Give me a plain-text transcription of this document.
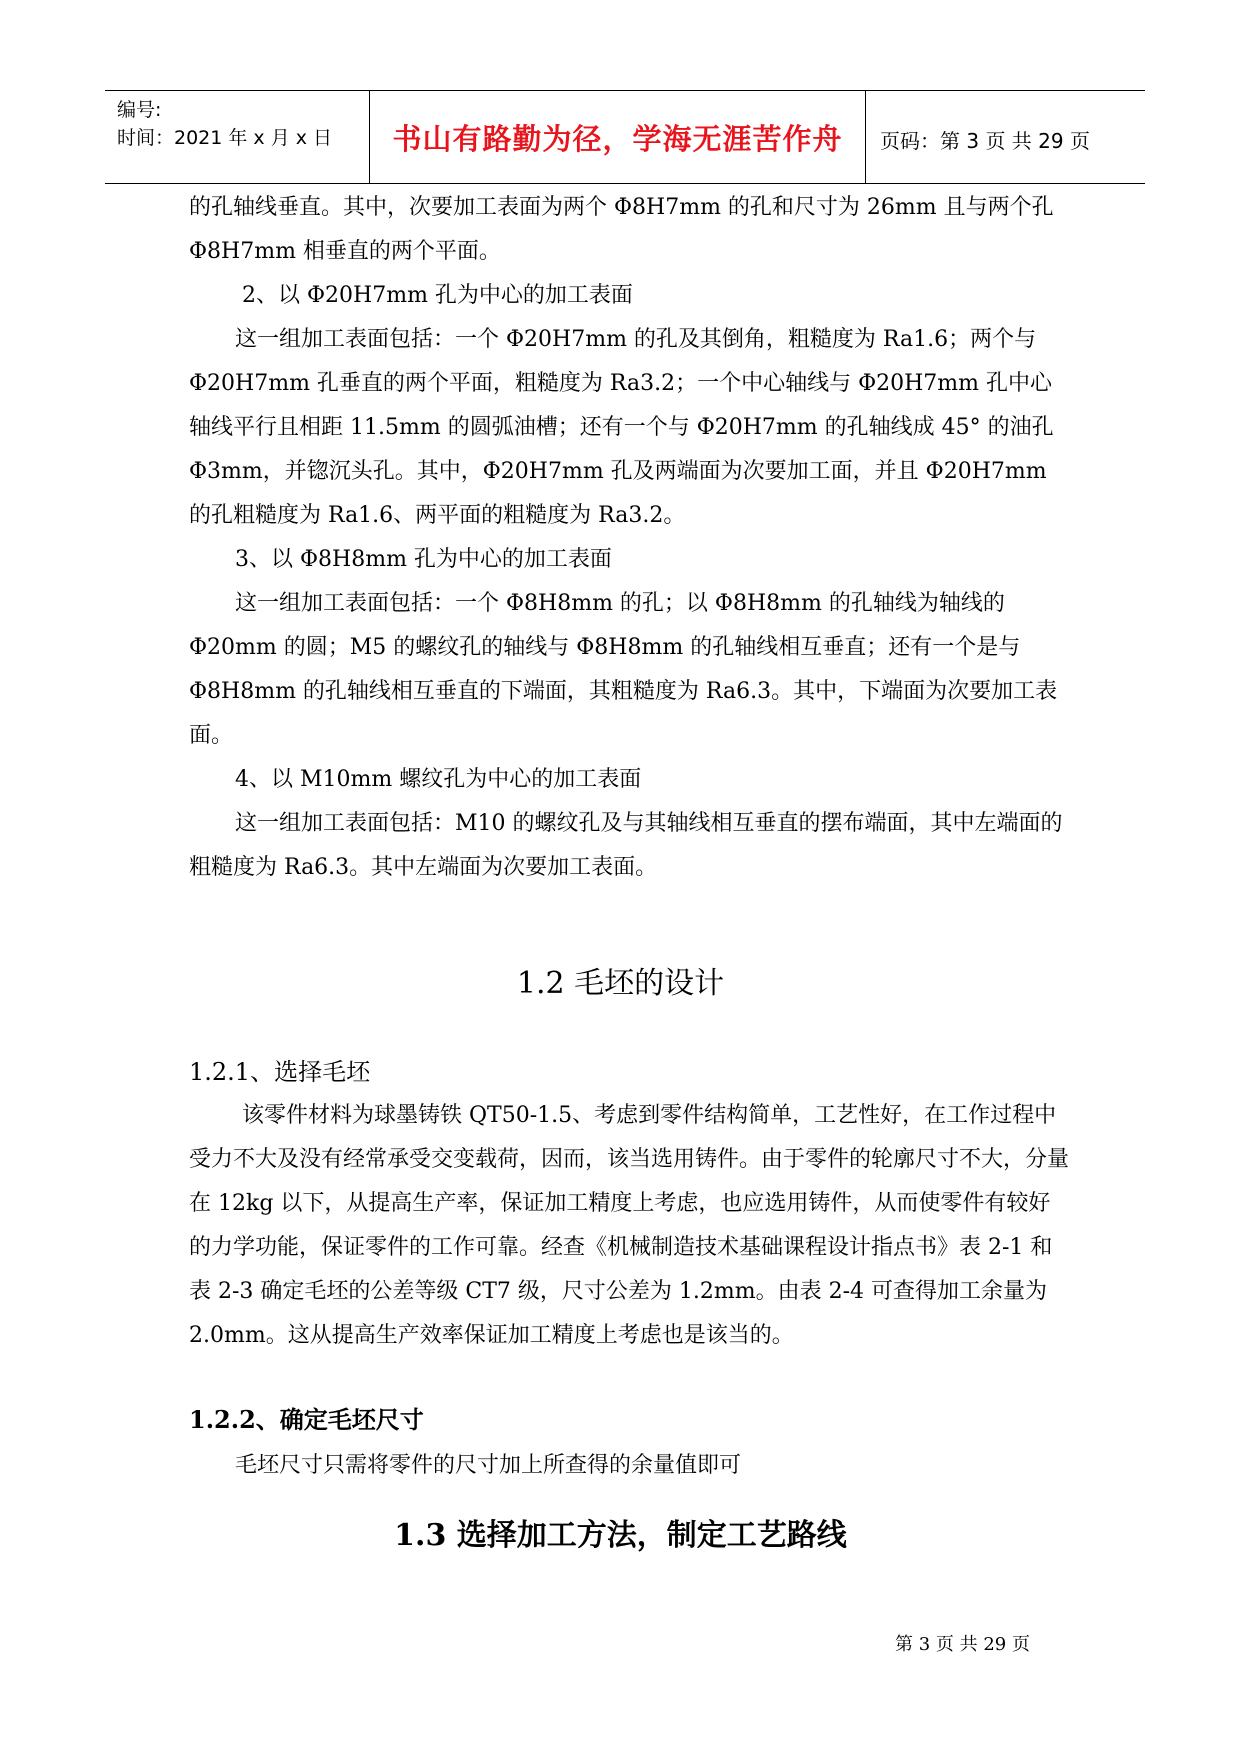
编号:
时间：2021 年 x 月 x 日	书山有路勤为径，学海无涯苦作舟	页码：第 3 页 共 29 页

的孔轴线垂直。其中，次要加工表面为两个 Φ8H7mm 的孔和尺寸为 26mm 且与两个孔 Φ8H7mm 相垂直的两个平面。

2、以 Φ20H7mm 孔为中心的加工表面

这一组加工表面包括：一个 Φ20H7mm 的孔及其倒角，粗糙度为 Ra1.6；两个与 Φ20H7mm 孔垂直的两个平面，粗糙度为 Ra3.2；一个中心轴线与 Φ20H7mm 孔中心轴线平行且相距 11.5mm 的圆弧油槽；还有一个与 Φ20H7mm 的孔轴线成 45° 的油孔 Φ3mm，并锪沉头孔。其中，Φ20H7mm 孔及两端面为次要加工面，并且 Φ20H7mm 的孔粗糙度为 Ra1.6、两平面的粗糙度为 Ra3.2。

3、以 Φ8H8mm 孔为中心的加工表面

这一组加工表面包括：一个 Φ8H8mm 的孔；以 Φ8H8mm 的孔轴线为轴线的 Φ20mm 的圆；M5 的螺纹孔的轴线与 Φ8H8mm 的孔轴线相互垂直；还有一个是与 Φ8H8mm 的孔轴线相互垂直的下端面，其粗糙度为 Ra6.3。其中，下端面为次要加工表面。

4、以 M10mm 螺纹孔为中心的加工表面

这一组加工表面包括：M10 的螺纹孔及与其轴线相互垂直的摆布端面，其中左端面的粗糙度为 Ra6.3。其中左端面为次要加工表面。

1.2 毛坯的设计
1.2.1、选择毛坯

该零件材料为球墨铸铁 QT50-1.5、考虑到零件结构简单，工艺性好，在工作过程中受力不大及没有经常承受交变载荷，因而，该当选用铸件。由于零件的轮廓尺寸不大，分量在 12kg 以下，从提高生产率，保证加工精度上考虑，也应选用铸件，从而使零件有较好的力学功能，保证零件的工作可靠。经查《机械制造技术基础课程设计指点书》表 2-1 和表 2-3 确定毛坯的公差等级 CT7 级，尺寸公差为 1.2mm。由表 2-4 可查得加工余量为 2.0mm。这从提高生产效率保证加工精度上考虑也是该当的。

1.2.2、确定毛坯尺寸

毛坯尺寸只需将零件的尺寸加上所查得的余量值即可

1.3 选择加工方法，制定工艺路线
第 3 页 共 29 页
